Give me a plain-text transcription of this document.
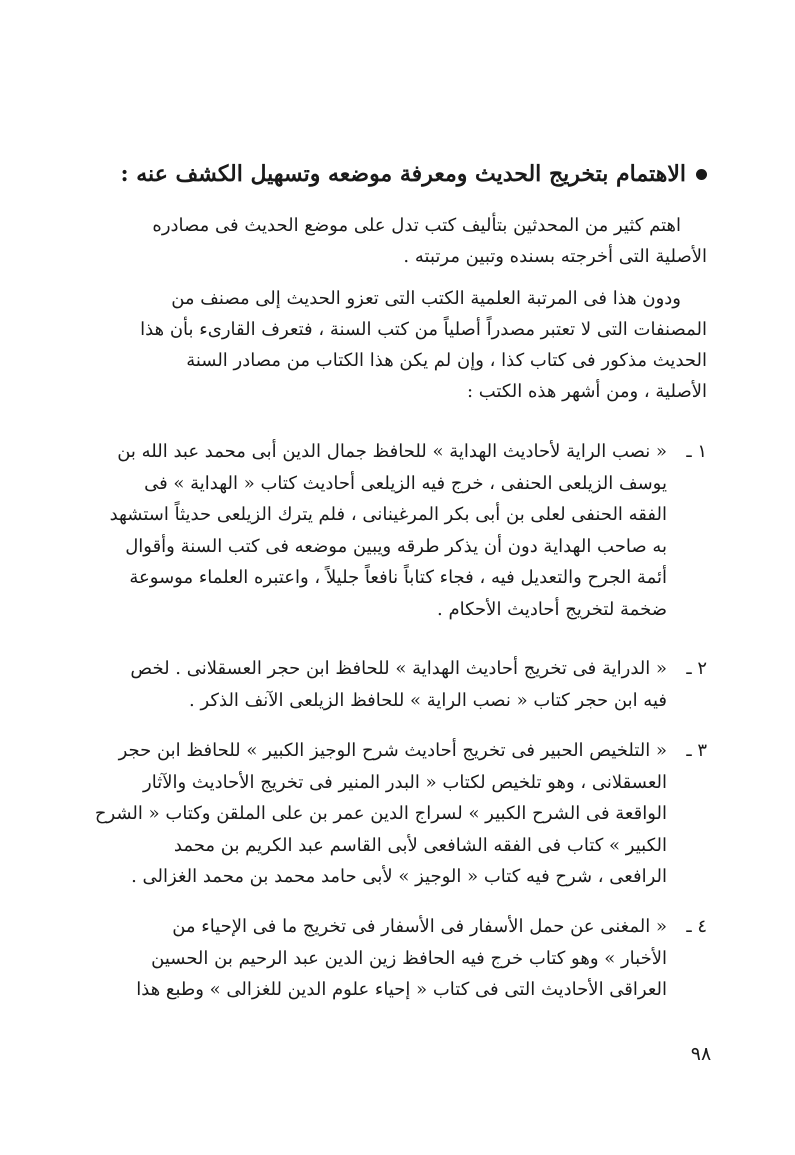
الاهتمام بتخريج الحديث ومعرفة موضعه وتسهيل الكشف عنه :
اهتم كثير من المحدثين بتأليف كتب تدل على موضع الحديث فى مصادره
الأصلية التى أخرجته بسنده وتبين مرتبته .
ودون هذا فى المرتبة العلمية الكتب التى تعزو الحديث إلى مصنف من
المصنفات التى لا تعتبر مصدراً أصلياً من كتب السنة ، فتعرف القارىء بأن هذا
الحديث مذكور فى كتاب كذا ، وإن لم يكن هذا الكتاب من مصادر السنة
الأصلية ، ومن أشهر هذه الكتب :
١ ـ
« نصب الراية لأحاديث الهداية » للحافظ جمال الدين أبى محمد عبد الله بن
يوسف الزيلعى الحنفى ، خرج فيه الزيلعى أحاديث كتاب « الهداية » فى
الفقه الحنفى لعلى بن أبى بكر المرغينانى ، فلم يترك الزيلعى حديثاً استشهد
به صاحب الهداية دون أن يذكر طرقه ويبين موضعه فى كتب السنة وأقوال
أئمة الجرح والتعديل فيه ، فجاء كتاباً نافعاً جليلاً ، واعتبره العلماء موسوعة
ضخمة لتخريج أحاديث الأحكام .
٢ ـ
« الدراية فى تخريج أحاديث الهداية » للحافظ ابن حجر العسقلانى . لخص
فيه ابن حجر كتاب « نصب الراية » للحافظ الزيلعى الآنف الذكر .
٣ ـ
« التلخيص الحبير فى تخريج أحاديث شرح الوجيز الكبير » للحافظ ابن حجر
العسقلانى ، وهو تلخيص لكتاب « البدر المنير فى تخريج الأحاديث والآثار
الواقعة فى الشرح الكبير » لسراج الدين عمر بن على الملقن وكتاب « الشرح
الكبير » كتاب فى الفقه الشافعى لأبى القاسم عبد الكريم بن محمد
الرافعى ، شرح فيه كتاب « الوجيز » لأبى حامد محمد بن محمد الغزالى .
٤ ـ
« المغنى عن حمل الأسفار فى الأسفار فى تخريج ما فى الإحياء من
الأخبار » وهو كتاب خرج فيه الحافظ زين الدين عبد الرحيم بن الحسين
العراقى الأحاديث التى فى كتاب « إحياء علوم الدين للغزالى » وطبع هذا
٩٨
